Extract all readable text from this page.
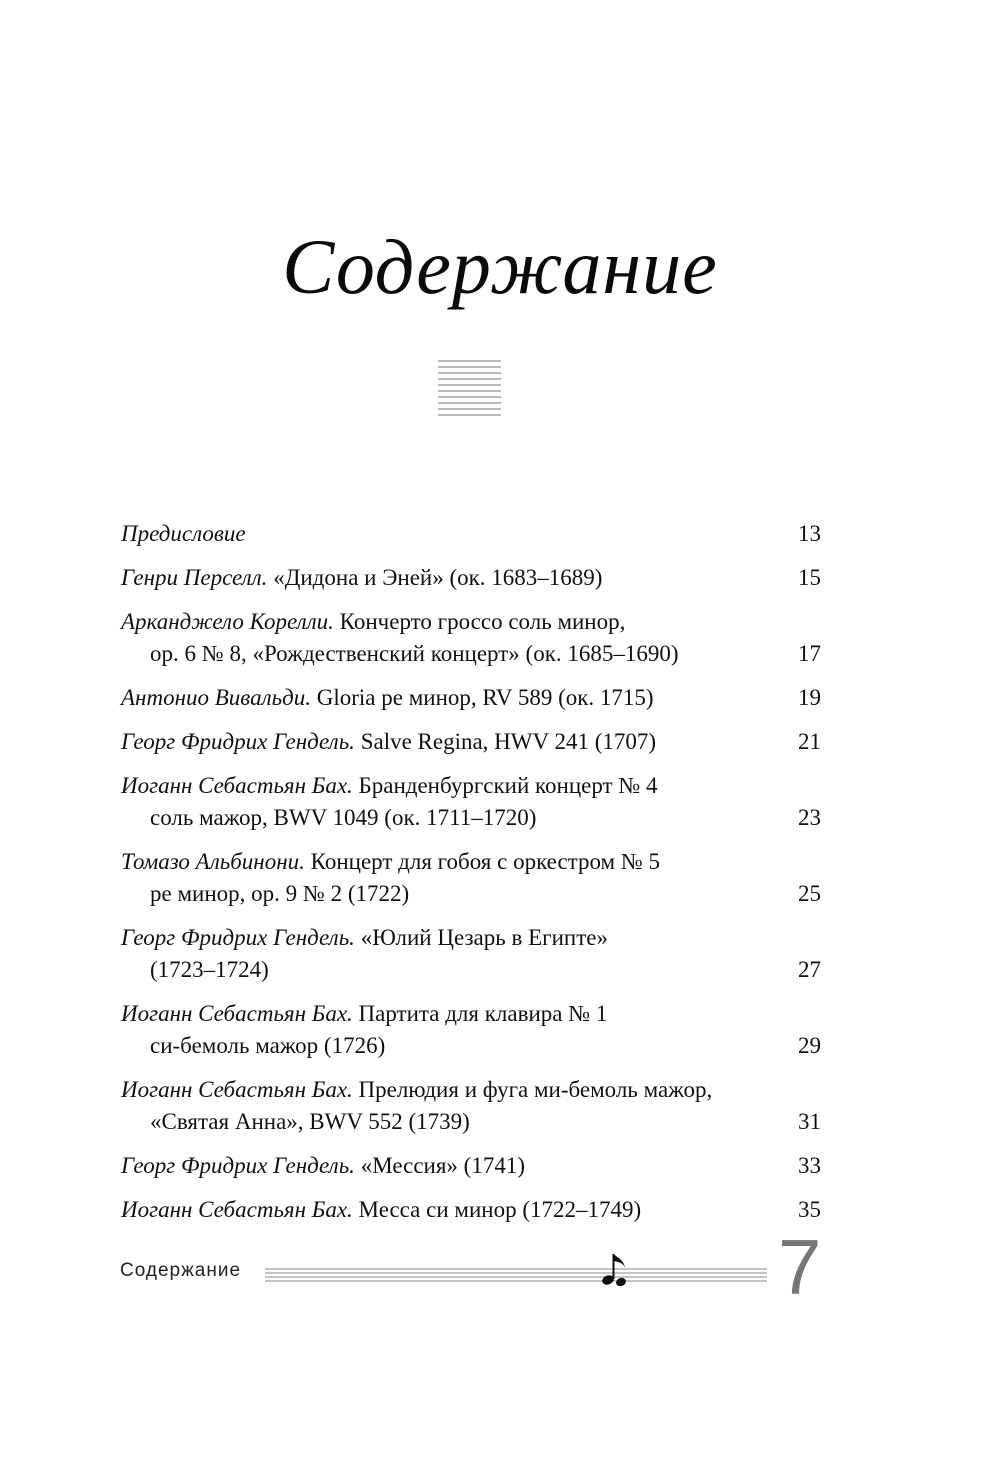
Содержание
Предисловие	13
Генри Перселл. «Дидона и Эней» (ок. 1683–1689)	15
Арканджело Корелли. Кончерто гроссо соль минор,
ор. 6 № 8, «Рождественский концерт» (ок. 1685–1690)	17
Антонио Вивальди. Gloria ре минор, RV 589 (ок. 1715)	19
Георг Фридрих Гендель. Salve Regina, HWV 241 (1707)	21
Иоганн Себастьян Бах. Бранденбургский концерт № 4
соль мажор, BWV 1049 (ок. 1711–1720)	23
Томазо Альбинони. Концерт для гобоя с оркестром № 5
ре минор, ор. 9 № 2 (1722)	25
Георг Фридрих Гендель. «Юлий Цезарь в Египте»
(1723–1724)	27
Иоганн Себастьян Бах. Партита для клавира № 1
си-бемоль мажор (1726)	29
Иоганн Себастьян Бах. Прелюдия и фуга ми-бемоль мажор,
«Святая Анна», BWV 552 (1739)	31
Георг Фридрих Гендель. «Мессия» (1741)	33
Иоганн Себастьян Бах. Месса си минор (1722–1749)	35
Содержание	7
